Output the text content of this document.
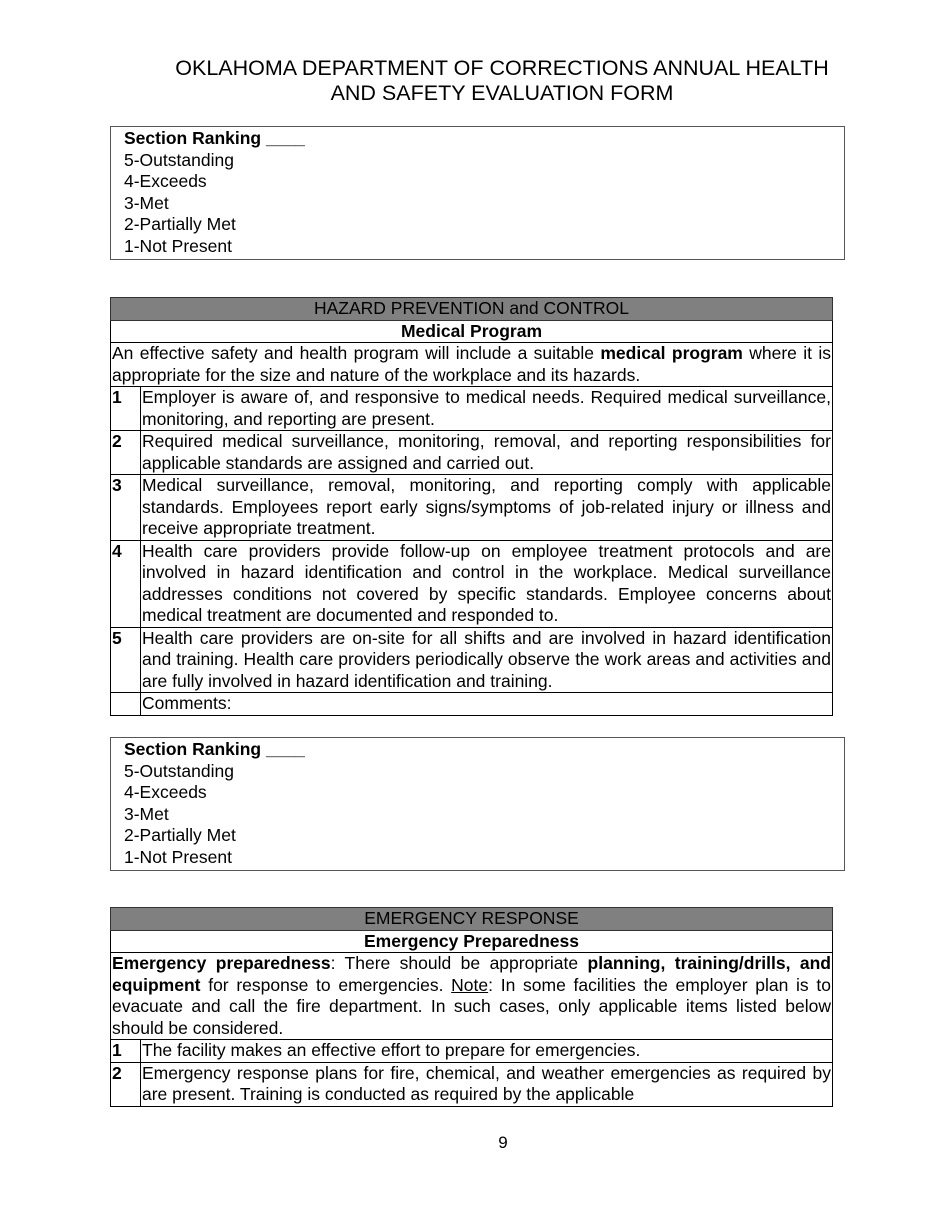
OKLAHOMA DEPARTMENT OF CORRECTIONS ANNUAL HEALTH
AND SAFETY EVALUATION FORM
Section Ranking ____
5-Outstanding
4-Exceeds
3-Met
2-Partially Met
1-Not Present
HAZARD PREVENTION and CONTROL	
Medical Program	
An effective safety and health program will include a suitable medical program where it is appropriate for the size and nature of the workplace and its hazards.	
1	Employer is aware of, and responsive to medical needs. Required medical surveillance, monitoring, and reporting are present.
2	Required medical surveillance, monitoring, removal, and reporting responsibilities for applicable standards are assigned and carried out.
3	Medical surveillance, removal, monitoring, and reporting comply with applicable standards. Employees report early signs/symptoms of job-related injury or illness and receive appropriate treatment.
4	Health care providers provide follow-up on employee treatment protocols and are involved in hazard identification and control in the workplace. Medical surveillance addresses conditions not covered by specific standards. Employee concerns about medical treatment are documented and responded to.
5	Health care providers are on-site for all shifts and are involved in hazard identification and training. Health care providers periodically observe the work areas and activities and are fully involved in hazard identification and training.
	Comments:
Section Ranking ____
5-Outstanding
4-Exceeds
3-Met
2-Partially Met
1-Not Present
EMERGENCY RESPONSE	
Emergency Preparedness	
Emergency preparedness: There should be appropriate planning, training/drills, and equipment for response to emergencies. Note: In some facilities the employer plan is to evacuate and call the fire department. In such cases, only applicable items listed below should be considered.	
1	The facility makes an effective effort to prepare for emergencies.
2	Emergency response plans for fire, chemical, and weather emergencies as required by are present. Training is conducted as required by the applicable
9
